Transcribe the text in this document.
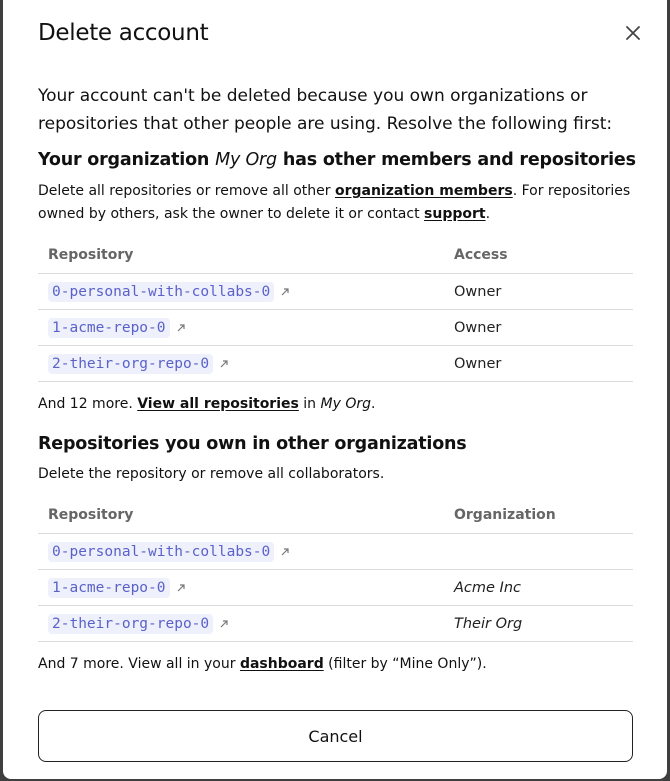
Delete account
Your account can't be deleted because you own organizations or repositories that other people are using. Resolve the following first:
Your organization My Org has other members and repositories
Delete all repositories or remove all other organization members. For repositories owned by others, ask the owner to delete it or contact support.
Repository	Access
0-personal-with-collabs-0	Owner
1-acme-repo-0	Owner
2-their-org-repo-0	Owner
And 12 more. View all repositories in My Org.
Repositories you own in other organizations
Delete the repository or remove all collaborators.
Repository	Organization
0-personal-with-collabs-0
1-acme-repo-0	Acme Inc
2-their-org-repo-0	Their Org
And 7 more. View all in your dashboard (filter by “Mine Only”).
Cancel
